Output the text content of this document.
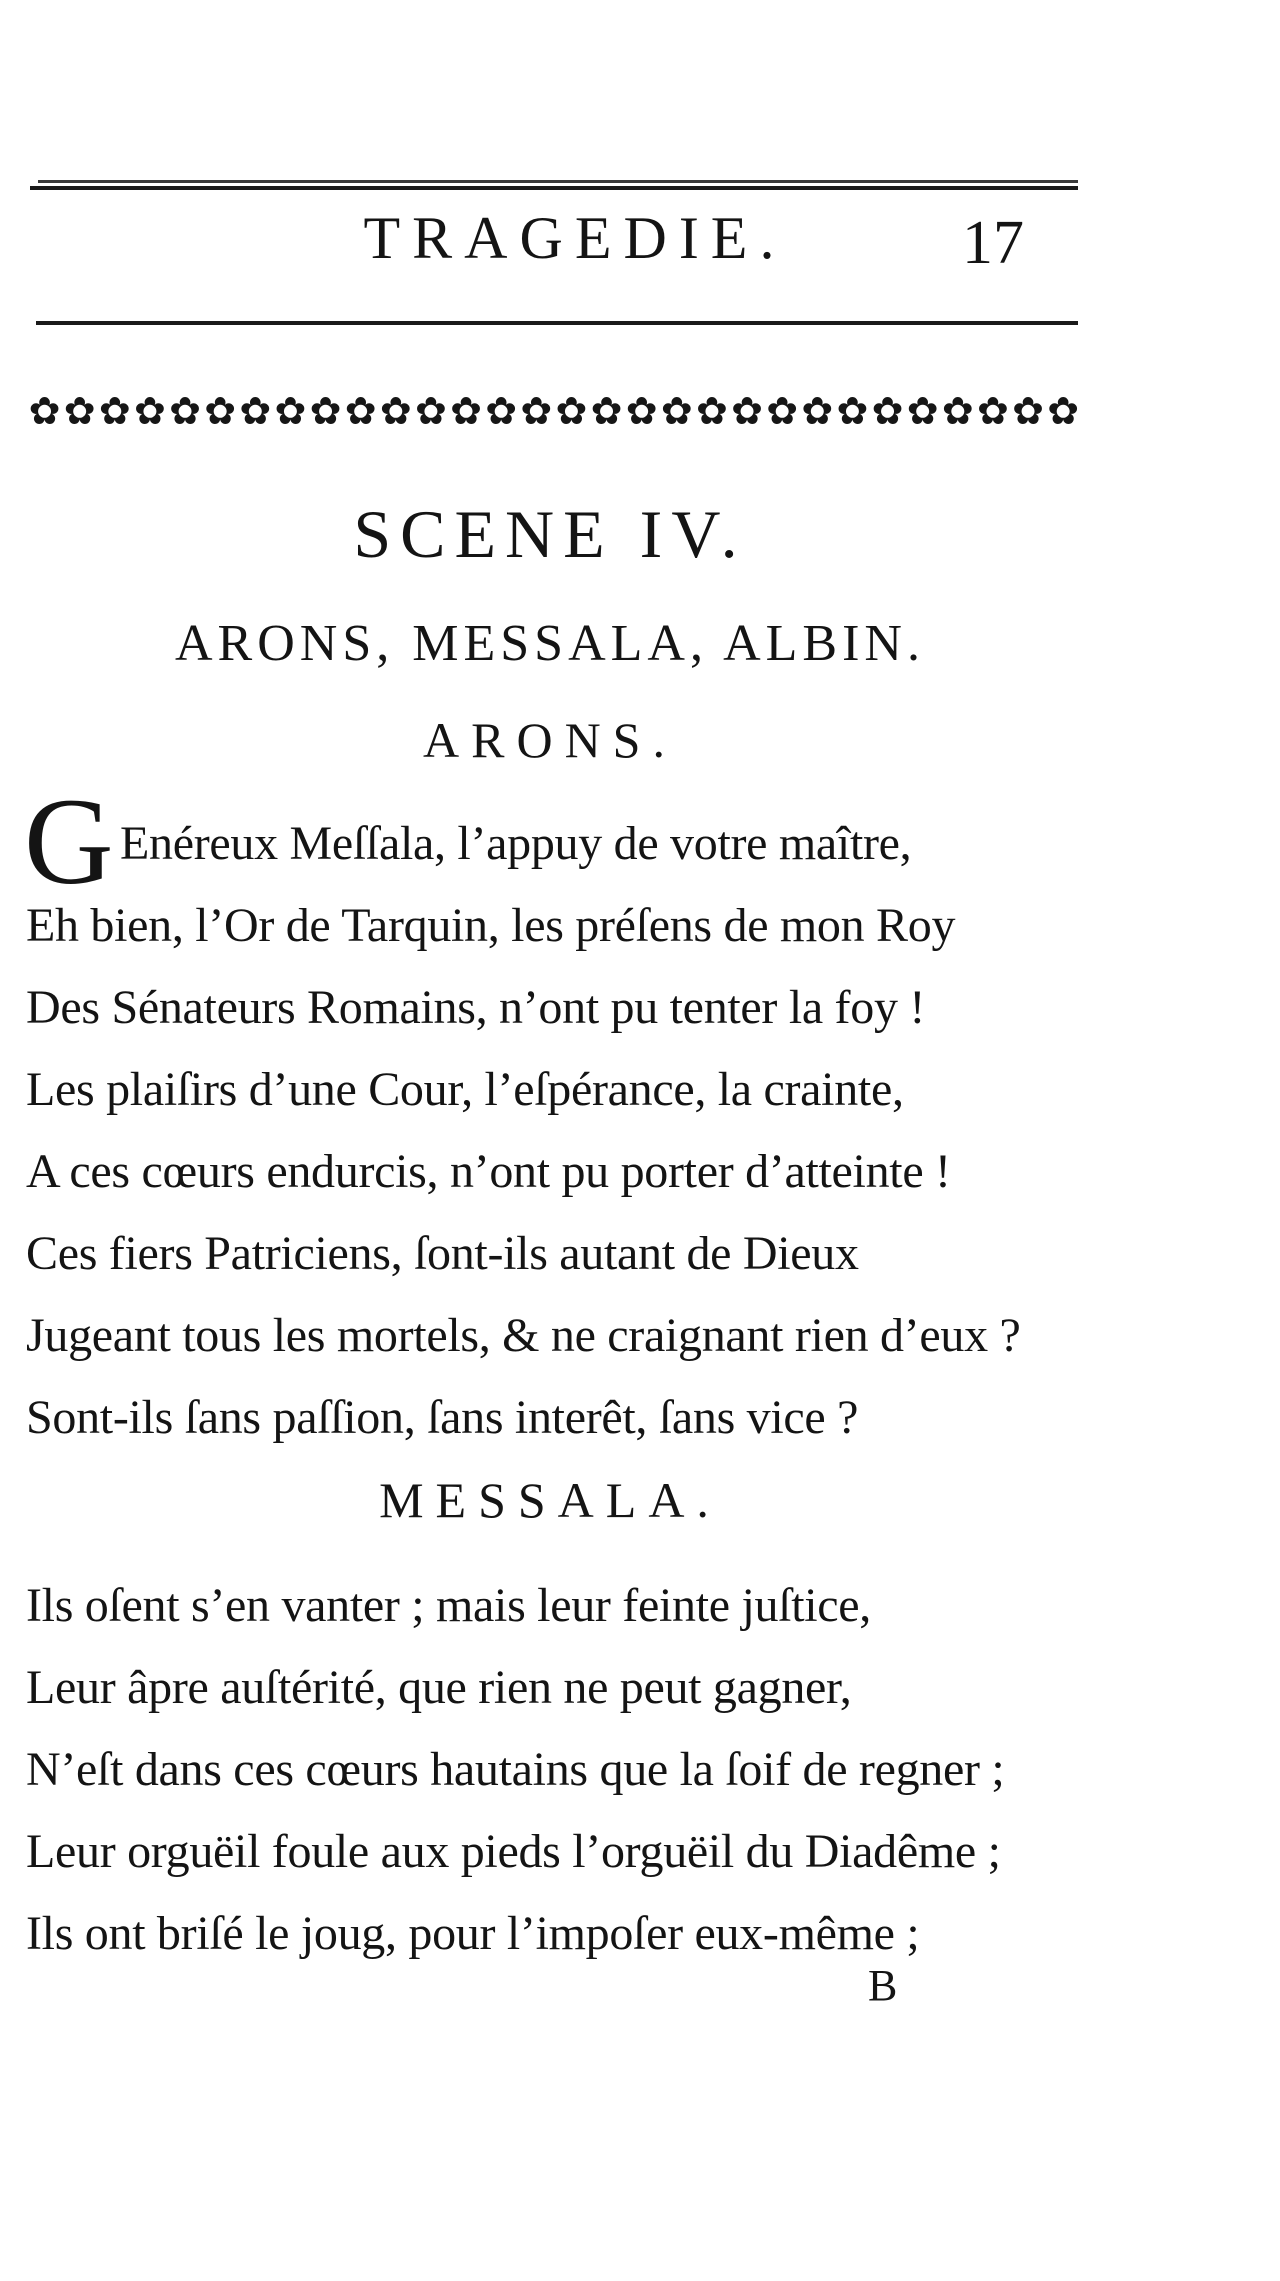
TRAGEDIE.	17
✿ ✿ ✿ ✿ ✿ ✿ ✿ ✿ ✿ ✿ ✿ ✿ ✿ ✿ ✿ ✿ ✿ ✿ ✿ ✿ ✿ ✿ ✿ ✿ ✿ ✿ ✿ ✿ ✿ ✿
SCENE IV.
ARONS, MESSALA, ALBIN.
ARONS.
G Enéreux Meſſala, l’appuy de votre maître,
Eh bien, l’Or de Tarquin, les préſens de mon Roy
Des Sénateurs Romains, n’ont pu tenter la foy !
Les plaiſirs d’une Cour, l’eſpérance, la crainte,
A ces cœurs endurcis, n’ont pu porter d’atteinte !
Ces fiers Patriciens, ſont-ils autant de Dieux
Jugeant tous les mortels, & ne craignant rien d’eux ?
Sont-ils ſans paſſion, ſans interêt, ſans vice ?
MESSALA.
Ils oſent s’en vanter ; mais leur feinte juſtice,
Leur âpre auſtérité, que rien ne peut gagner,
N’eſt dans ces cœurs hautains que la ſoif de regner ;
Leur orguëil foule aux pieds l’orguëil du Diadême ;
Ils ont briſé le joug, pour l’impoſer eux-même ;
B
